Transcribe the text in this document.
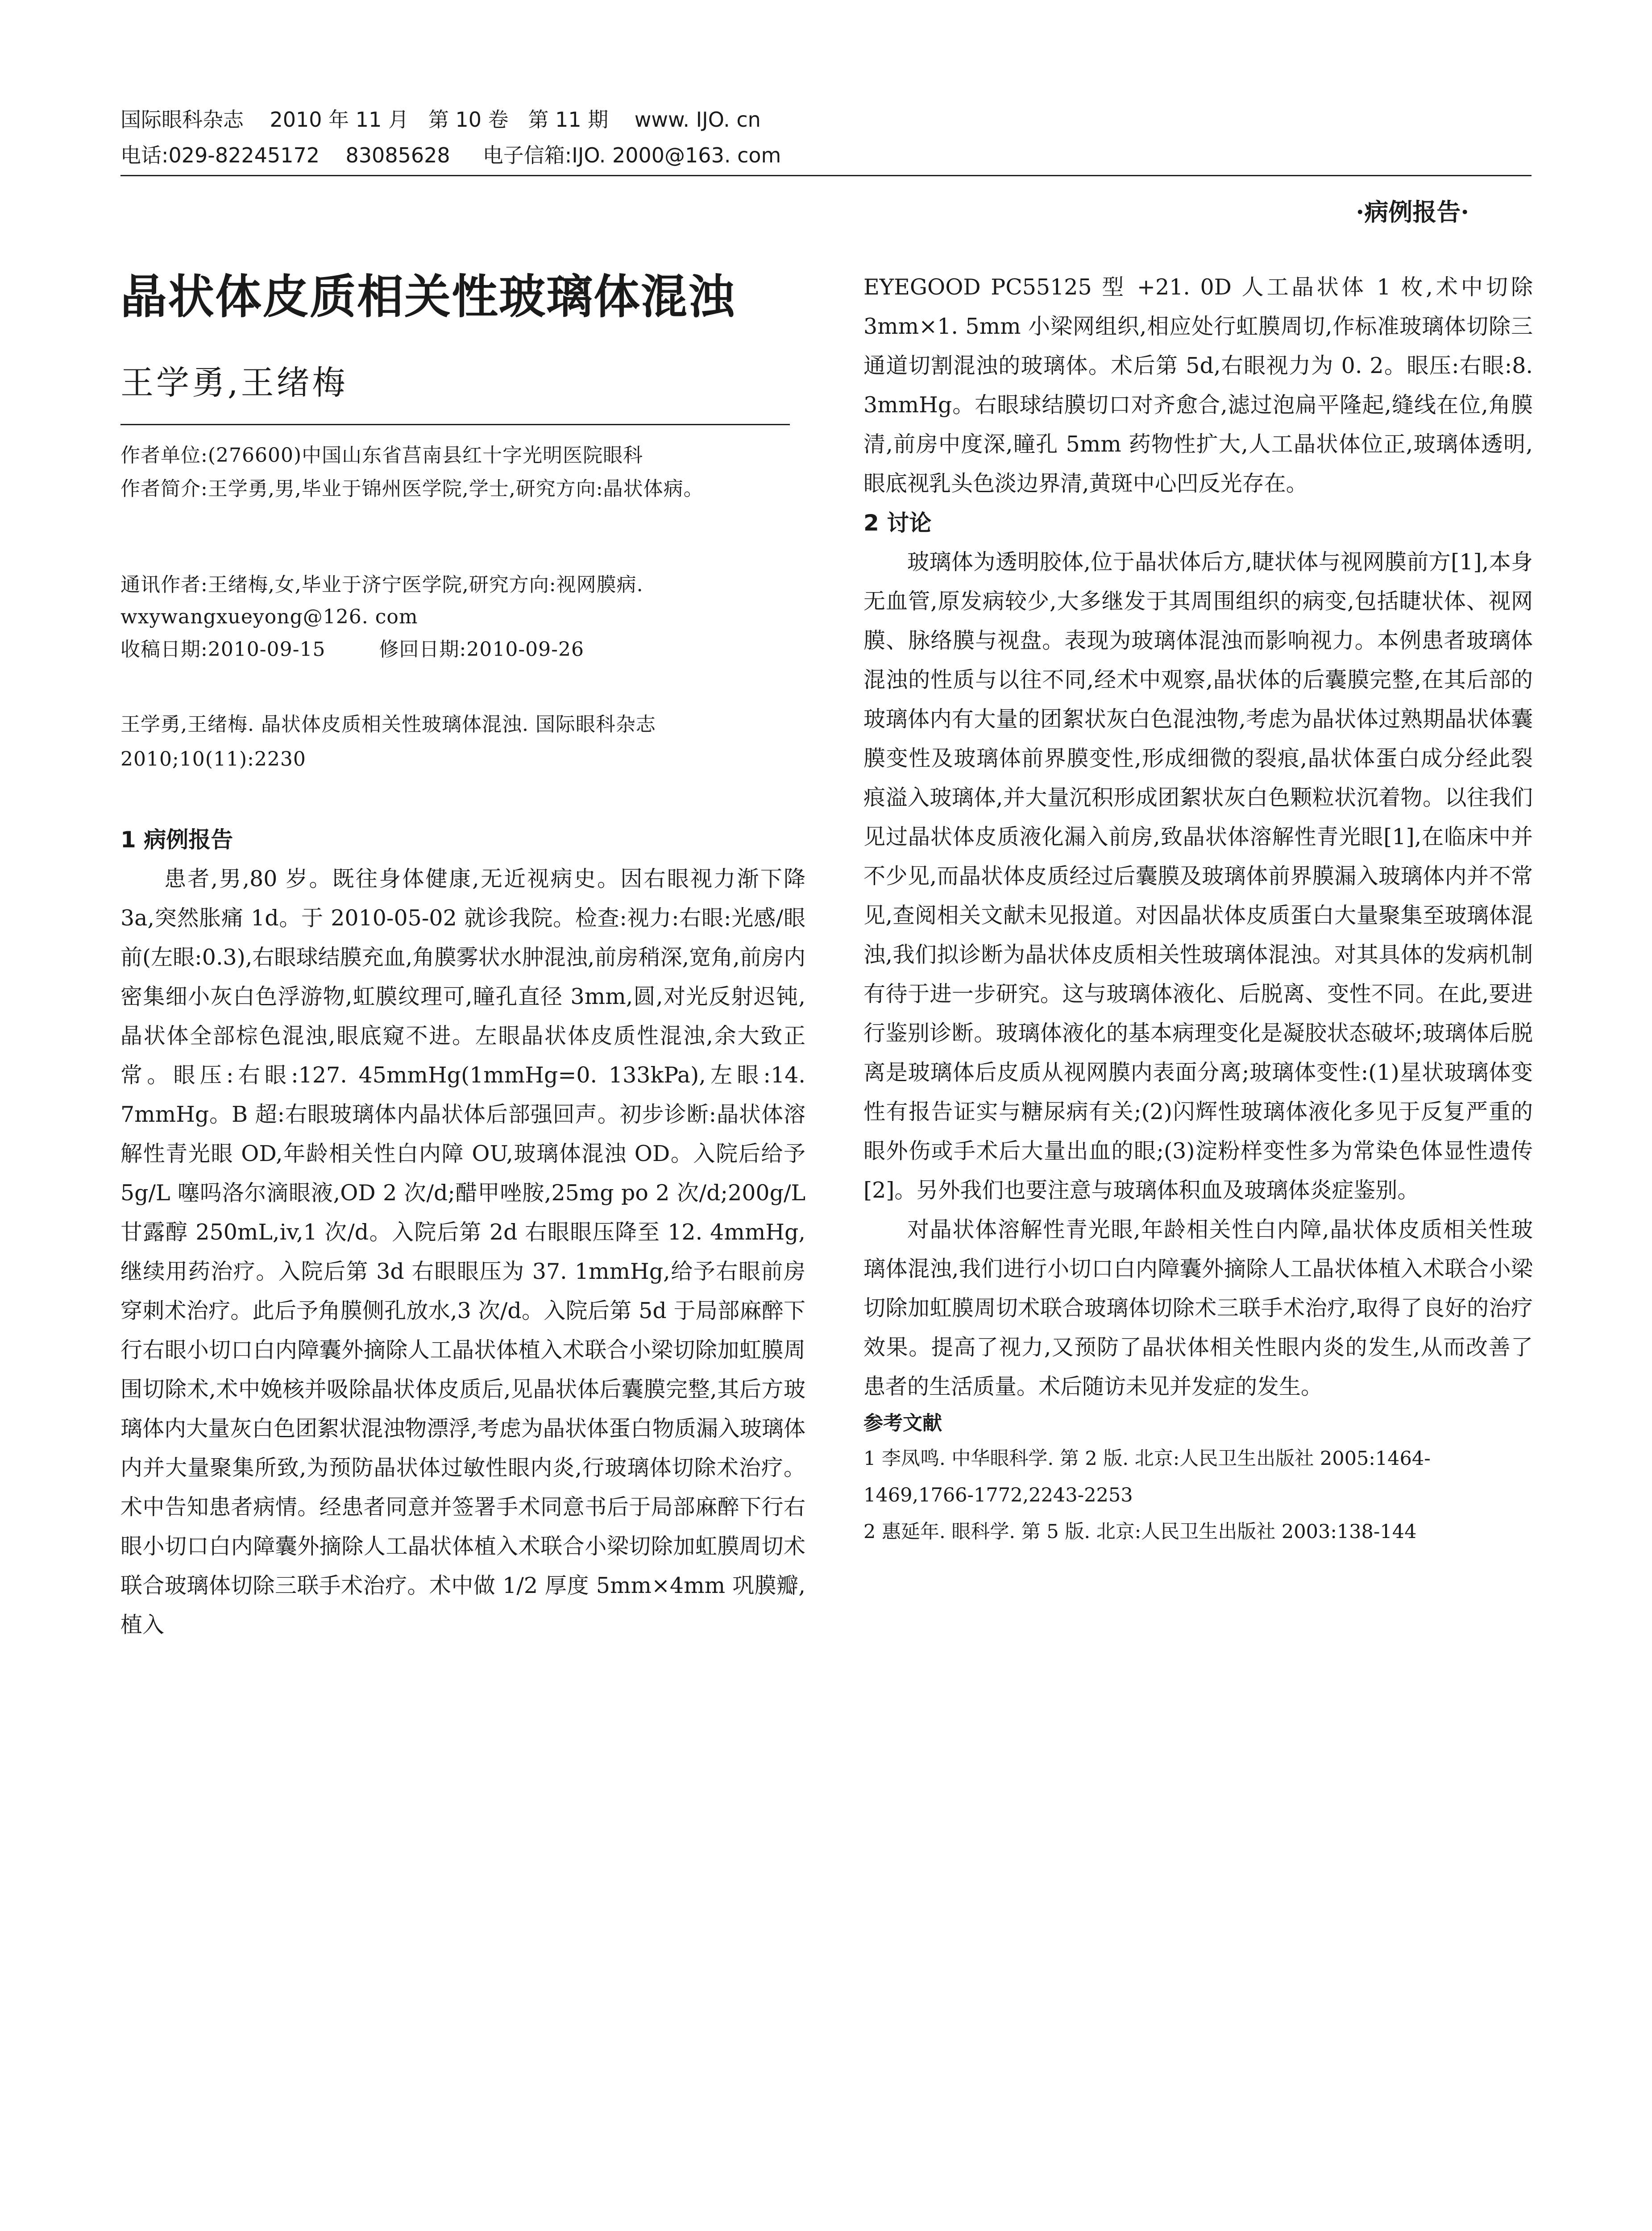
国际眼科杂志    2010 年 11 月   第 10 卷   第 11 期    www. IJO. cn
电话:029-82245172    83085628     电子信箱:IJO. 2000@163. com
·病例报告·
晶状体皮质相关性玻璃体混浊
王学勇,王绪梅
作者单位:(276600)中国山东省莒南县红十字光明医院眼科
作者简介:王学勇,男,毕业于锦州医学院,学士,研究方向:晶状体病。
通讯作者:王绪梅,女,毕业于济宁医学院,研究方向:视网膜病.
wxywangxueyong@126. com
收稿日期:2010-09-15	修回日期:2010-09-26
王学勇,王绪梅. 晶状体皮质相关性玻璃体混浊. 国际眼科杂志 2010;10(11):2230

1 病例报告

患者,男,80 岁。既往身体健康,无近视病史。因右眼视力渐下降 3a,突然胀痛 1d。于 2010-05-02 就诊我院。检查:视力:右眼:光感/眼前(左眼:0.3),右眼球结膜充血,角膜雾状水肿混浊,前房稍深,宽角,前房内密集细小灰白色浮游物,虹膜纹理可,瞳孔直径 3mm,圆,对光反射迟钝,晶状体全部棕色混浊,眼底窥不进。左眼晶状体皮质性混浊,余大致正常。眼压:右眼:127. 45mmHg(1mmHg=0. 133kPa),左眼:14. 7mmHg。B 超:右眼玻璃体内晶状体后部强回声。初步诊断:晶状体溶解性青光眼 OD,年龄相关性白内障 OU,玻璃体混浊 OD。入院后给予 5g/L 噻吗洛尔滴眼液,OD 2 次/d;醋甲唑胺,25mg po 2 次/d;200g/L 甘露醇 250mL,iv,1 次/d。入院后第 2d 右眼眼压降至 12. 4mmHg,继续用药治疗。入院后第 3d 右眼眼压为 37. 1mmHg,给予右眼前房穿刺术治疗。此后予角膜侧孔放水,3 次/d。入院后第 5d 于局部麻醉下行右眼小切口白内障囊外摘除人工晶状体植入术联合小梁切除加虹膜周围切除术,术中娩核并吸除晶状体皮质后,见晶状体后囊膜完整,其后方玻璃体内大量灰白色团絮状混浊物漂浮,考虑为晶状体蛋白物质漏入玻璃体内并大量聚集所致,为预防晶状体过敏性眼内炎,行玻璃体切除术治疗。术中告知患者病情。经患者同意并签署手术同意书后于局部麻醉下行右眼小切口白内障囊外摘除人工晶状体植入术联合小梁切除加虹膜周切术联合玻璃体切除三联手术治疗。术中做 1/2 厚度 5mm×4mm 巩膜瓣,植入

EYEGOOD PC55125 型 +21. 0D 人工晶状体 1 枚,术中切除 3mm×1. 5mm 小梁网组织,相应处行虹膜周切,作标准玻璃体切除三通道切割混浊的玻璃体。术后第 5d,右眼视力为 0. 2。眼压:右眼:8. 3mmHg。右眼球结膜切口对齐愈合,滤过泡扁平隆起,缝线在位,角膜清,前房中度深,瞳孔 5mm 药物性扩大,人工晶状体位正,玻璃体透明,眼底视乳头色淡边界清,黄斑中心凹反光存在。

2 讨论

玻璃体为透明胶体,位于晶状体后方,睫状体与视网膜前方[1],本身无血管,原发病较少,大多继发于其周围组织的病变,包括睫状体、视网膜、脉络膜与视盘。表现为玻璃体混浊而影响视力。本例患者玻璃体混浊的性质与以往不同,经术中观察,晶状体的后囊膜完整,在其后部的玻璃体内有大量的团絮状灰白色混浊物,考虑为晶状体过熟期晶状体囊膜变性及玻璃体前界膜变性,形成细微的裂痕,晶状体蛋白成分经此裂痕溢入玻璃体,并大量沉积形成团絮状灰白色颗粒状沉着物。以往我们见过晶状体皮质液化漏入前房,致晶状体溶解性青光眼[1],在临床中并不少见,而晶状体皮质经过后囊膜及玻璃体前界膜漏入玻璃体内并不常见,查阅相关文献未见报道。对因晶状体皮质蛋白大量聚集至玻璃体混浊,我们拟诊断为晶状体皮质相关性玻璃体混浊。对其具体的发病机制有待于进一步研究。这与玻璃体液化、后脱离、变性不同。在此,要进行鉴别诊断。玻璃体液化的基本病理变化是凝胶状态破坏;玻璃体后脱离是玻璃体后皮质从视网膜内表面分离;玻璃体变性:(1)星状玻璃体变性有报告证实与糖尿病有关;(2)闪辉性玻璃体液化多见于反复严重的眼外伤或手术后大量出血的眼;(3)淀粉样变性多为常染色体显性遗传[2]。另外我们也要注意与玻璃体积血及玻璃体炎症鉴别。

对晶状体溶解性青光眼,年龄相关性白内障,晶状体皮质相关性玻璃体混浊,我们进行小切口白内障囊外摘除人工晶状体植入术联合小梁切除加虹膜周切术联合玻璃体切除术三联手术治疗,取得了良好的治疗效果。提高了视力,又预防了晶状体相关性眼内炎的发生,从而改善了患者的生活质量。术后随访未见并发症的发生。

参考文献

1 李凤鸣. 中华眼科学. 第 2 版. 北京:人民卫生出版社 2005:1464-1469,1766-1772,2243-2253

2 惠延年. 眼科学. 第 5 版. 北京:人民卫生出版社 2003:138-144
